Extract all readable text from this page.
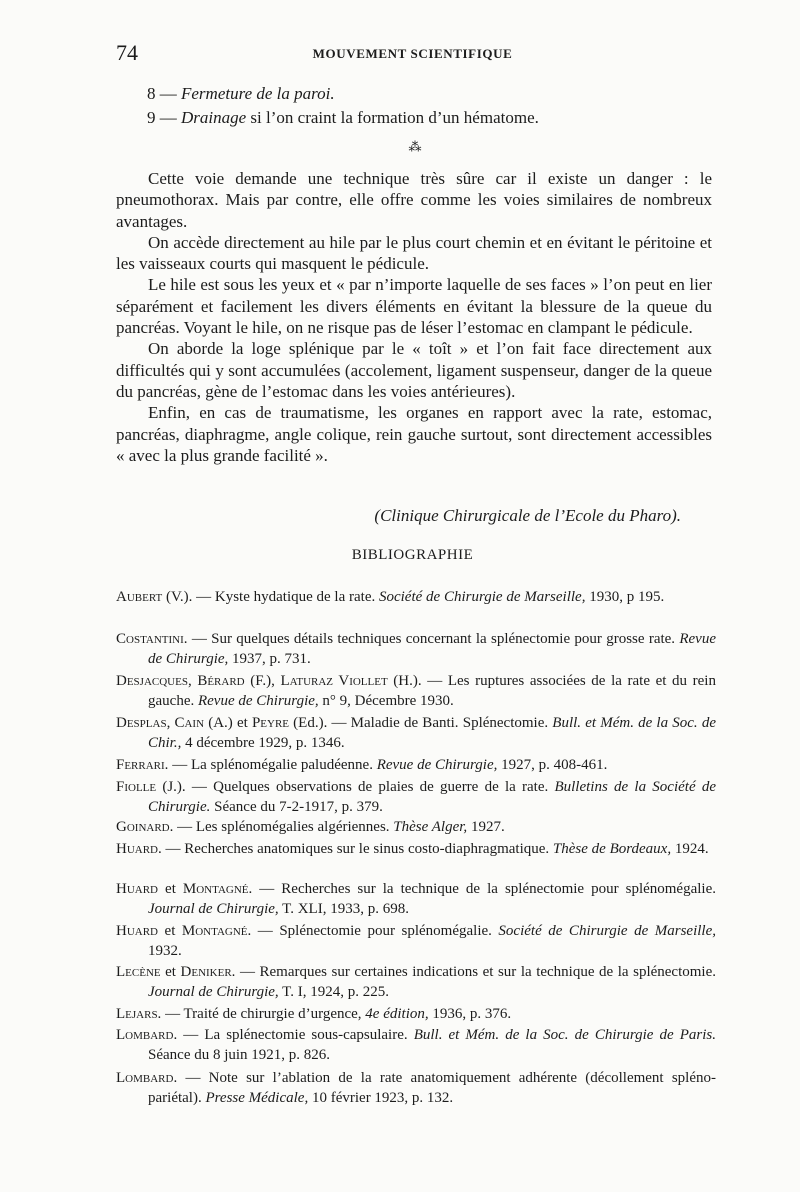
74	MOUVEMENT SCIENTIFIQUE
8 — Fermeture de la paroi.
9 — Drainage si l’on craint la formation d’un hématome.
⁂

Cette voie demande une technique très sûre car il existe un danger : le pneumothorax. Mais par contre, elle offre comme les voies similaires de nombreux avantages.

On accède directement au hile par le plus court chemin et en évitant le péritoine et les vaisseaux courts qui masquent le pédicule.

Le hile est sous les yeux et « par n’importe laquelle de ses faces » l’on peut en lier séparément et facilement les divers éléments en évitant la blessure de la queue du pancréas. Voyant le hile, on ne risque pas de léser l’estomac en clampant le pédicule.

On aborde la loge splénique par le « toît » et l’on fait face directement aux difficultés qui y sont accumulées (accolement, ligament suspenseur, danger de la queue du pancréas, gène de l’estomac dans les voies antérieures).

Enfin, en cas de traumatisme, les organes en rapport avec la rate, estomac, pancréas, diaphragme, angle colique, rein gauche surtout, sont directement accessibles « avec la plus grande facilité ».

(Clinique Chirurgicale de l’Ecole du Pharo).
BIBLIOGRAPHIE
Aubert (V.). — Kyste hydatique de la rate. Société de Chirurgie de Marseille, 1930, p 195.
Costantini. — Sur quelques détails techniques concernant la splénectomie pour grosse rate. Revue de Chirurgie, 1937, p. 731.
Desjacques, Bérard (F.), Laturaz Viollet (H.). — Les ruptures associées de la rate et du rein gauche. Revue de Chirurgie, n° 9, Décembre 1930.
Desplas, Cain (A.) et Peyre (Ed.). — Maladie de Banti. Splénectomie. Bull. et Mém. de la Soc. de Chir., 4 décembre 1929, p. 1346.
Ferrari. — La splénomégalie paludéenne. Revue de Chirurgie, 1927, p. 408-461.
Fiolle (J.). — Quelques observations de plaies de guerre de la rate. Bulletins de la Société de Chirurgie. Séance du 7-2-1917, p. 379.
Goinard. — Les splénomégalies algériennes. Thèse Alger, 1927.
Huard. — Recherches anatomiques sur le sinus costo-diaphragmatique. Thèse de Bordeaux, 1924.
Huard et Montagné. — Recherches sur la technique de la splénectomie pour splénomégalie. Journal de Chirurgie, T. XLI, 1933, p. 698.
Huard et Montagné. — Splénectomie pour splénomégalie. Société de Chirurgie de Marseille, 1932.
Lecène et Deniker. — Remarques sur certaines indications et sur la technique de la splénectomie. Journal de Chirurgie, T. I, 1924, p. 225.
Lejars. — Traité de chirurgie d’urgence, 4e édition, 1936, p. 376.
Lombard. — La splénectomie sous-capsulaire. Bull. et Mém. de la Soc. de Chirurgie de Paris. Séance du 8 juin 1921, p. 826.
Lombard. — Note sur l’ablation de la rate anatomiquement adhérente (décollement spléno-pariétal). Presse Médicale, 10 février 1923, p. 132.
